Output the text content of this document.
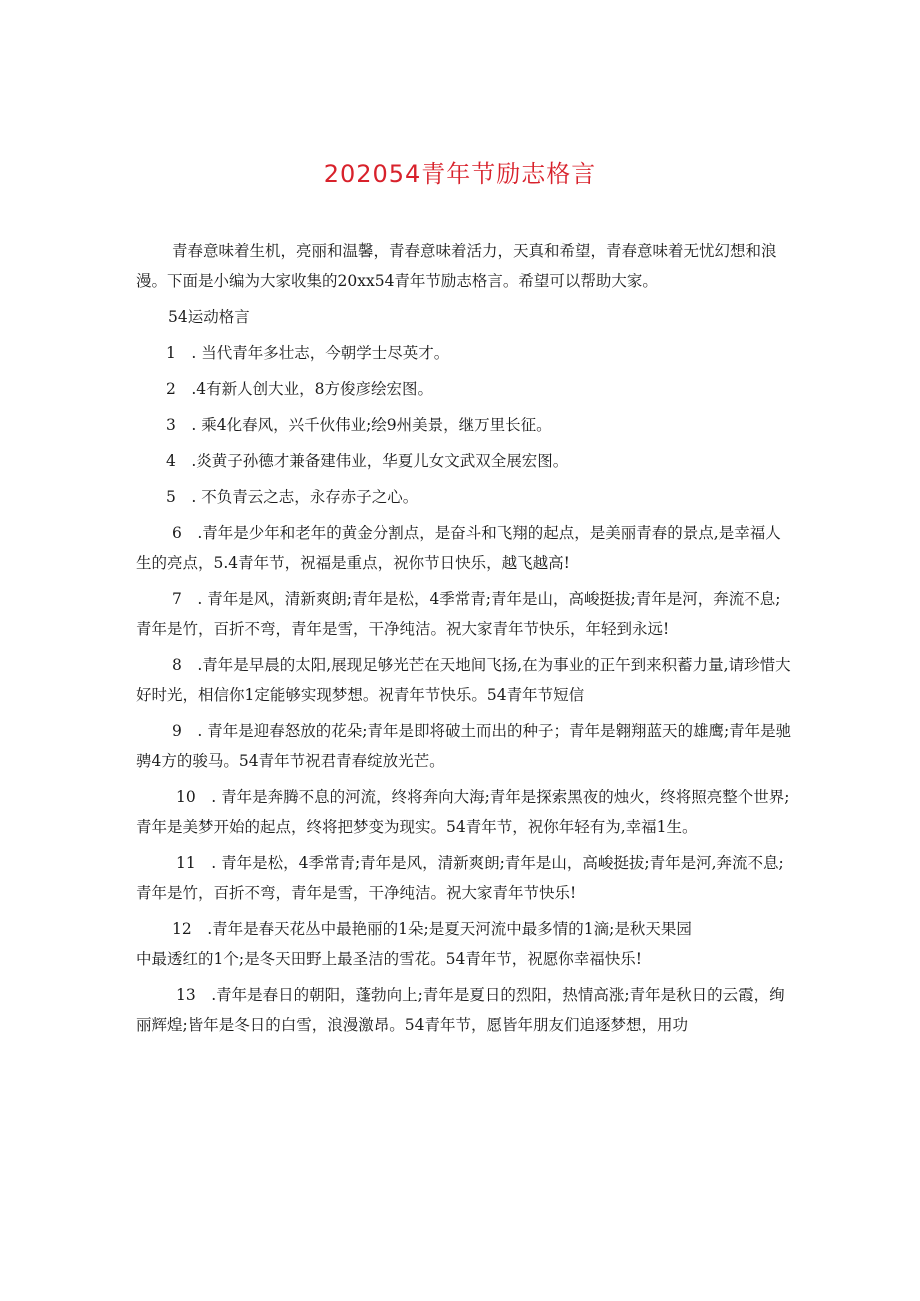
202054青年节励志格言

青春意味着生机，亮丽和温馨，青春意味着活力，天真和希望，青春意味着无忧幻想和浪漫。下面是小编为大家收集的20xx54青年节励志格言。希望可以帮助大家。

54运动格言

1　. 当代青年多壮志，今朝学士尽英才。

2　.4有新人创大业，8方俊彦绘宏图。

3　. 乘4化春风，兴千伙伟业;绘9州美景，继万里长征。

4　.炎黄子孙德才兼备建伟业，华夏儿女文武双全展宏图。

5　. 不负青云之志，永存赤子之心。

6　.青年是少年和老年的黄金分割点，是奋斗和飞翔的起点，是美丽青春的景点,是幸福人生的亮点，5.4青年节，祝福是重点，祝你节日快乐，越飞越高!

7　. 青年是风，清新爽朗;青年是松，4季常青;青年是山，高峻挺拔;青年是河，奔流不息;青年是竹，百折不弯，青年是雪，干净纯洁。祝大家青年节快乐，年轻到永远!

8　.青年是早晨的太阳,展现足够光芒在天地间飞扬,在为事业的正午到来积蓄力量,请珍惜大好时光，相信你1定能够实现梦想。祝青年节快乐。54青年节短信

9　. 青年是迎春怒放的花朵;青年是即将破土而出的种子；青年是翱翔蓝天的雄鹰;青年是驰骋4方的骏马。54青年节祝君青春绽放光芒。

10　. 青年是奔腾不息的河流，终将奔向大海;青年是探索黑夜的烛火，终将照亮整个世界;青年是美梦开始的起点，终将把梦变为现实。54青年节，祝你年轻有为,幸福1生。

11　. 青年是松，4季常青;青年是风，清新爽朗;青年是山，高峻挺拔;青年是河,奔流不息;青年是竹，百折不弯，青年是雪，干净纯洁。祝大家青年节快乐!

12　.青年是春天花丛中最艳丽的1朵;是夏天河流中最多情的1滴;是秋天果园

中最透红的1个;是冬天田野上最圣洁的雪花。54青年节，祝愿你幸福快乐!

13　.青年是春日的朝阳，蓬勃向上;青年是夏日的烈阳，热情高涨;青年是秋日的云霞，绚丽辉煌;皆年是冬日的白雪，浪漫激昂。54青年节，愿皆年朋友们追逐梦想，用功
